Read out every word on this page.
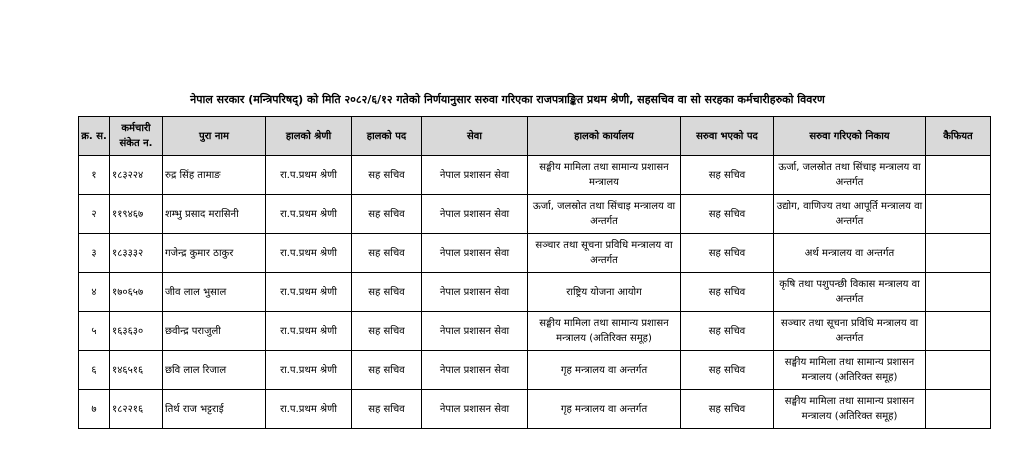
नेपाल सरकार (मन्त्रिपरिषद्) को मिति २०८२/६/१२ गतेको निर्णयानुसार सरुवा गरिएका राजपत्राङ्कित प्रथम श्रेणी, सहसचिव वा सो सरहका कर्मचारीहरुको विवरण
क्र. स.	कर्मचारी संकेत न.	पुरा नाम	हालको श्रेणी	हालको पद	सेवा	हालको कार्यालय	सरुवा भएको पद	सरुवा गरिएको निकाय	कैफियत
१	१८३२२४	रुद्र सिंह तामाङ	रा.प.प्रथम श्रेणी	सह सचिव	नेपाल प्रशासन सेवा	सङ्घीय मामिला तथा सामान्य प्रशासन मन्त्रालय	सह सचिव	ऊर्जा, जलस्रोत तथा सिंचाइ मन्त्रालय वा अन्तर्गत	
२	११९४६७	शम्भु प्रसाद मरासिनी	रा.प.प्रथम श्रेणी	सह सचिव	नेपाल प्रशासन सेवा	ऊर्जा, जलस्रोत तथा सिंचाइ मन्त्रालय वा अन्तर्गत	सह सचिव	उद्योग, वाणिज्य तथा आपूर्ति मन्त्रालय वा अन्तर्गत	
३	१८३३३२	गजेन्द्र कुमार ठाकुर	रा.प.प्रथम श्रेणी	सह सचिव	नेपाल प्रशासन सेवा	सञ्चार तथा सूचना प्रविधि मन्त्रालय वा अन्तर्गत	सह सचिव	अर्थ मन्त्रालय वा अन्तर्गत	
४	१७०६५७	जीव लाल भुसाल	रा.प.प्रथम श्रेणी	सह सचिव	नेपाल प्रशासन सेवा	राष्ट्रिय योजना आयोग	सह सचिव	कृषि तथा पशुपन्छी विकास मन्त्रालय वा अन्तर्गत	
५	१६३६३०	छवीन्द्र पराजुली	रा.प.प्रथम श्रेणी	सह सचिव	नेपाल प्रशासन सेवा	सङ्घीय मामिला तथा सामान्य प्रशासन मन्त्रालय (अतिरिक्त समूह)	सह सचिव	सञ्चार तथा सूचना प्रविधि मन्त्रालय वा अन्तर्गत	
६	१४६५१६	छवि लाल रिजाल	रा.प.प्रथम श्रेणी	सह सचिव	नेपाल प्रशासन सेवा	गृह मन्त्रालय वा अन्तर्गत	सह सचिव	सङ्घीय मामिला तथा सामान्य प्रशासन मन्त्रालय (अतिरिक्त समूह)	
७	१८२२१६	तिर्थ राज भट्टराई	रा.प.प्रथम श्रेणी	सह सचिव	नेपाल प्रशासन सेवा	गृह मन्त्रालय वा अन्तर्गत	सह सचिव	सङ्घीय मामिला तथा सामान्य प्रशासन मन्त्रालय (अतिरिक्त समूह)	
